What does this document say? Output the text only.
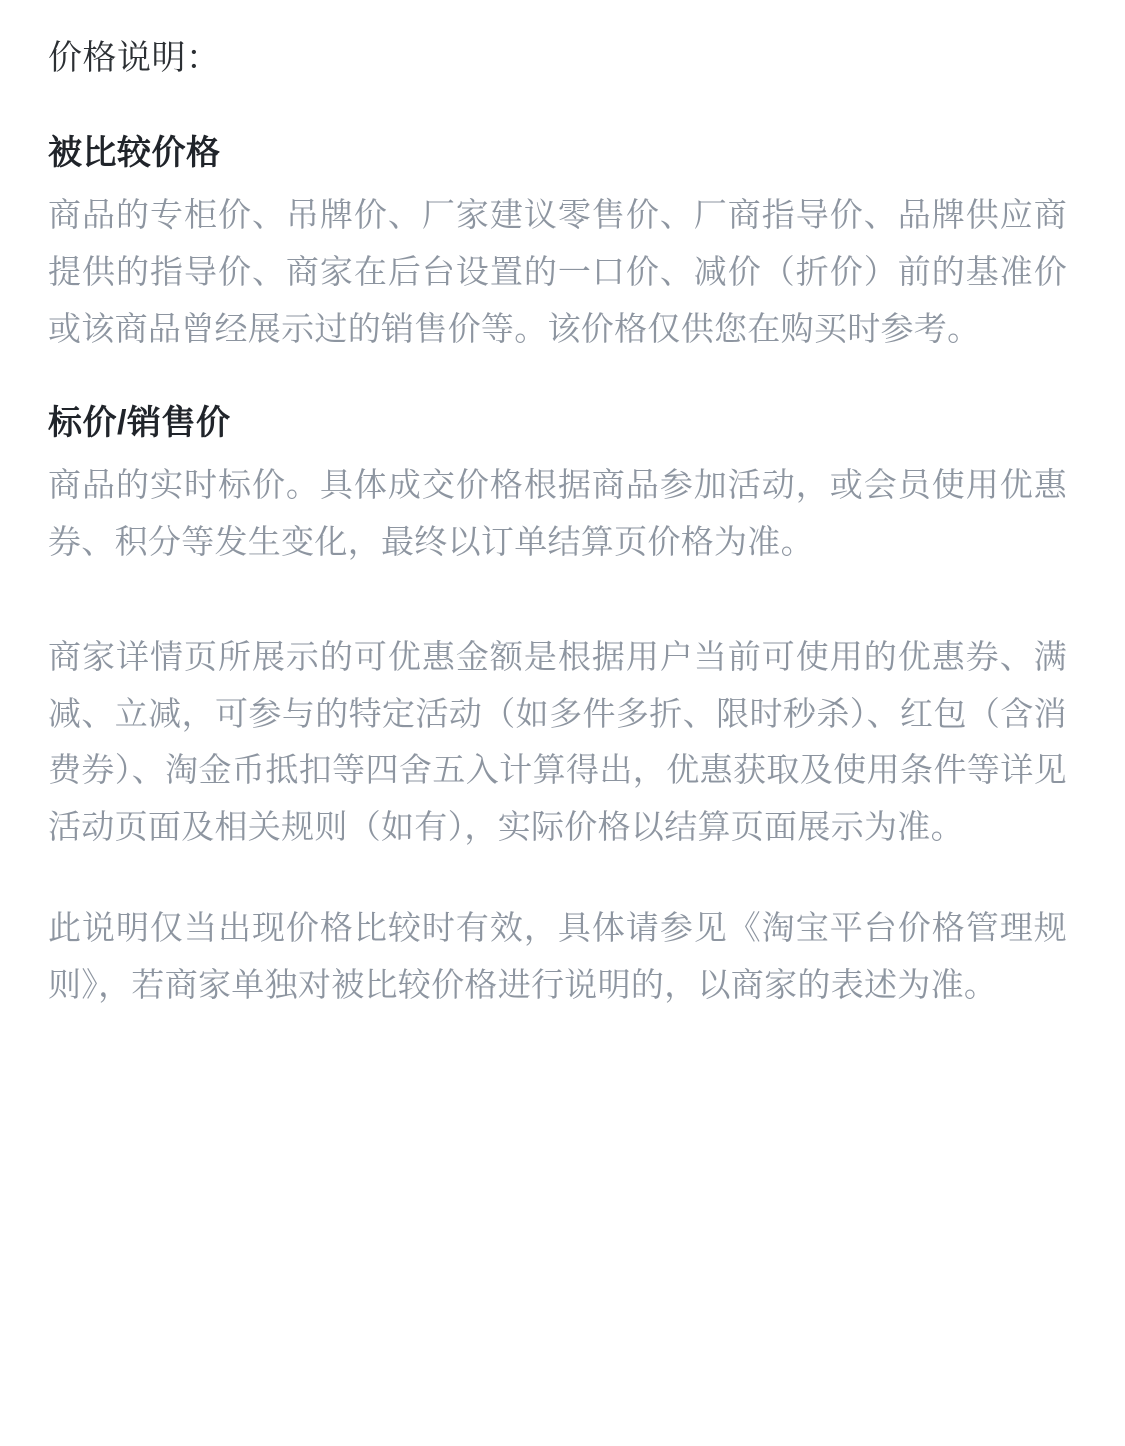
价格说明：
被比较价格

商品的专柜价、吊牌价、厂家建议零售价、厂商指导价、品牌供应商提供的指导价、商家在后台设置的一口价、减价（折价）前的基准价或该商品曾经展示过的销售价等。该价格仅供您在购买时参考。

标价/销售价

商品的实时标价。具体成交价格根据商品参加活动，或会员使用优惠券、积分等发生变化，最终以订单结算页价格为准。

商家详情页所展示的可优惠金额是根据用户当前可使用的优惠券、满减、立减，可参与的特定活动（如多件多折、限时秒杀）、红包（含消费券）、淘金币抵扣等四舍五入计算得出，优惠获取及使用条件等详见活动页面及相关规则（如有），实际价格以结算页面展示为准。

此说明仅当出现价格比较时有效，具体请参见《淘宝平台价格管理规则》，若商家单独对被比较价格进行说明的，以商家的表述为准。
